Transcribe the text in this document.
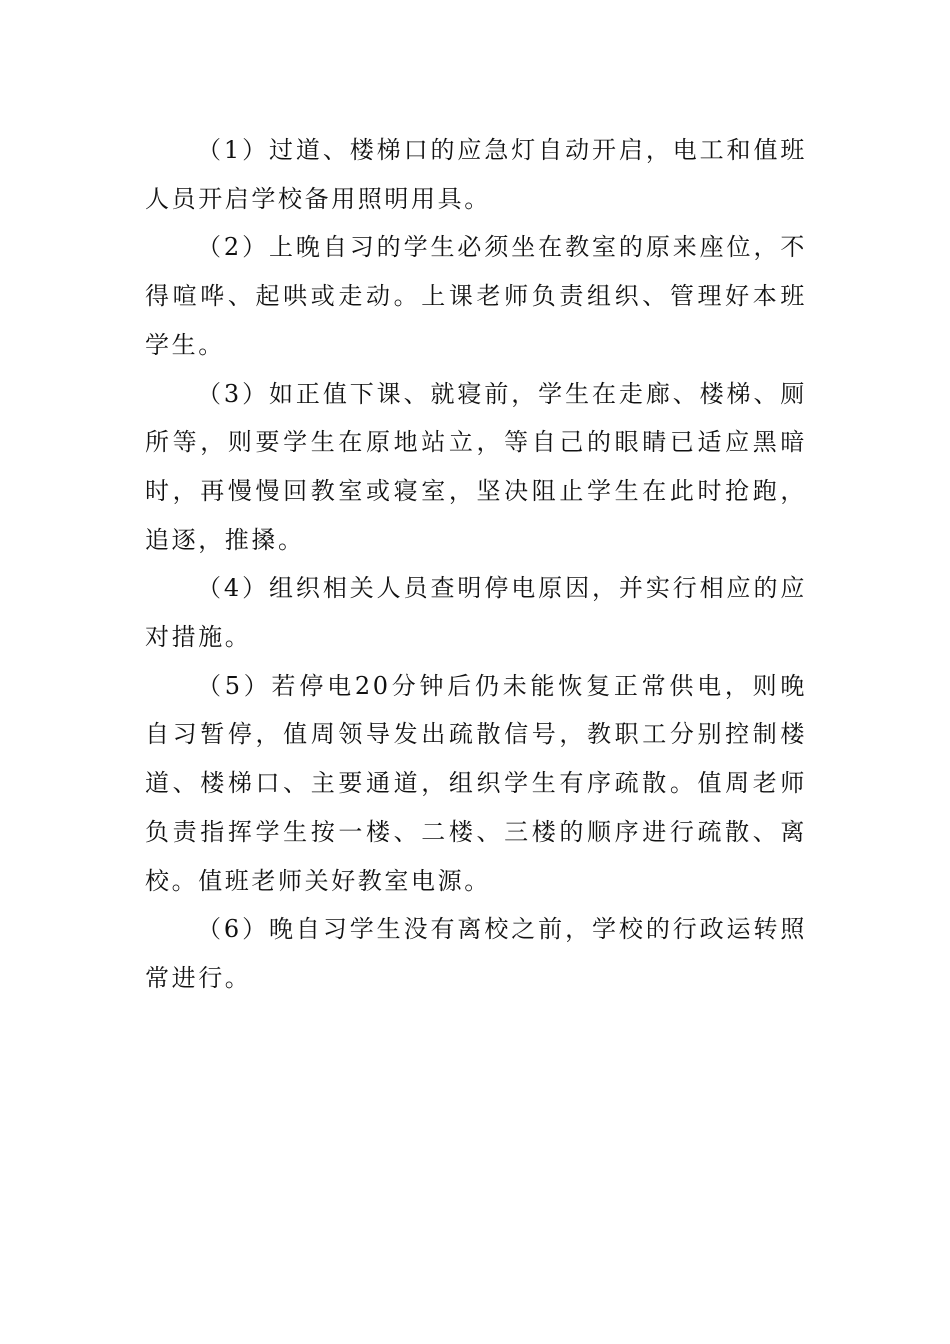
（1）过道、楼梯口的应急灯自动开启，电工和值班人员开启学校备用照明用具。

（2）上晚自习的学生必须坐在教室的原来座位，不得喧哗、起哄或走动。上课老师负责组织、管理好本班学生。

（3）如正值下课、就寝前，学生在走廊、楼梯、厕所等，则要学生在原地站立，等自己的眼睛已适应黑暗时，再慢慢回教室或寝室，坚决阻止学生在此时抢跑，追逐，推搡。

（4）组织相关人员查明停电原因，并实行相应的应对措施。

（5）若停电20分钟后仍未能恢复正常供电，则晚自习暂停，值周领导发出疏散信号，教职工分别控制楼道、楼梯口、主要通道，组织学生有序疏散。值周老师负责指挥学生按一楼、二楼、三楼的顺序进行疏散、离校。值班老师关好教室电源。

（6）晚自习学生没有离校之前，学校的行政运转照常进行。
